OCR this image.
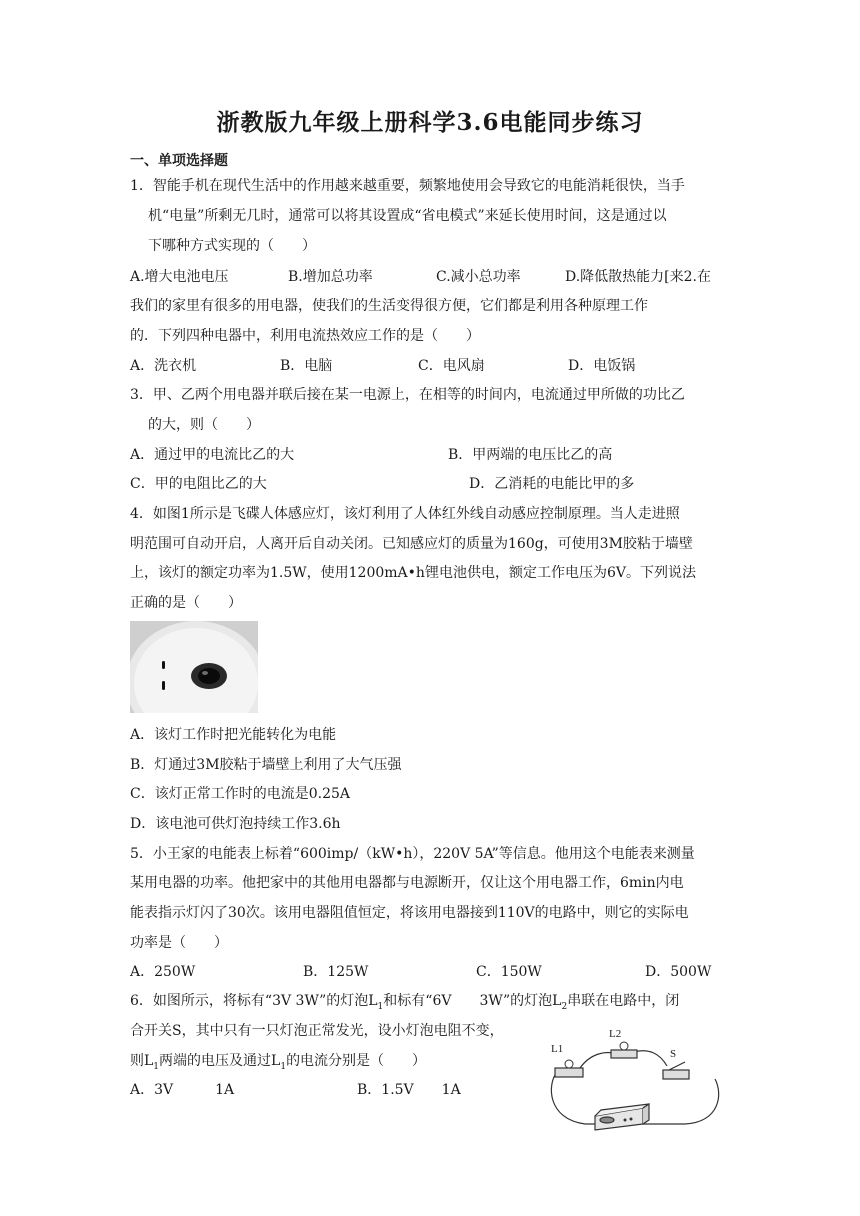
浙教版九年级上册科学3.6电能同步练习
一、单项选择题
1．智能手机在现代生活中的作用越来越重要，频繁地使用会导致它的电能消耗很快，当手
机“电量”所剩无几时，通常可以将其设置成“省电模式”来延长使用时间，这是通过以
下哪种方式实现的（　　）
A.增大电池电压	B.增加总功率	C.减小总功率	D.降低散热能力[来2.在
我们的家里有很多的用电器，使我们的生活变得很方便，它们都是利用各种原理工作
的．下列四种电器中，利用电流热效应工作的是（　　）
A．洗衣机	B．电脑	C．电风扇	D．电饭锅
3．甲、乙两个用电器并联后接在某一电源上，在相等的时间内，电流通过甲所做的功比乙
的大，则（　　）
A．通过甲的电流比乙的大	B．甲两端的电压比乙的高
C．甲的电阻比乙的大	D．乙消耗的电能比甲的多
4．如图1所示是飞碟人体感应灯，该灯利用了人体红外线自动感应控制原理。当人走进照
明范围可自动开启，人离开后自动关闭。已知感应灯的质量为160g，可使用3M胶粘于墙壁
上，该灯的额定功率为1.5W，使用1200mA•h锂电池供电，额定工作电压为6V。下列说法
正确的是（　　）
A．该灯工作时把光能转化为电能
B．灯通过3M胶粘于墙壁上利用了大气压强
C．该灯正常工作时的电流是0.25A
D．该电池可供灯泡持续工作3.6h
5．小王家的电能表上标着“600imp/（kW•h），220V 5A”等信息。他用这个电能表来测量
某用电器的功率。他把家中的其他用电器都与电源断开，仅让这个用电器工作，6min内电
能表指示灯闪了30次。该用电器阻值恒定，将该用电器接到110V的电路中，则它的实际电
功率是（　　）
A．250W	B．125W	C．150W	D．500W
6．如图所示，将标有“3V 3W”的灯泡$L_1$和标有“6V　　3W”的灯泡$L_2$串联在电路中，闭
合开关S，其中只有一只灯泡正常发光，设小灯泡电阻不变，
则$L_1$两端的电压及通过$L_1$的电流分别是（　　）
A．3V　　　1A	B．1.5V　　1A
L1
L2
S
